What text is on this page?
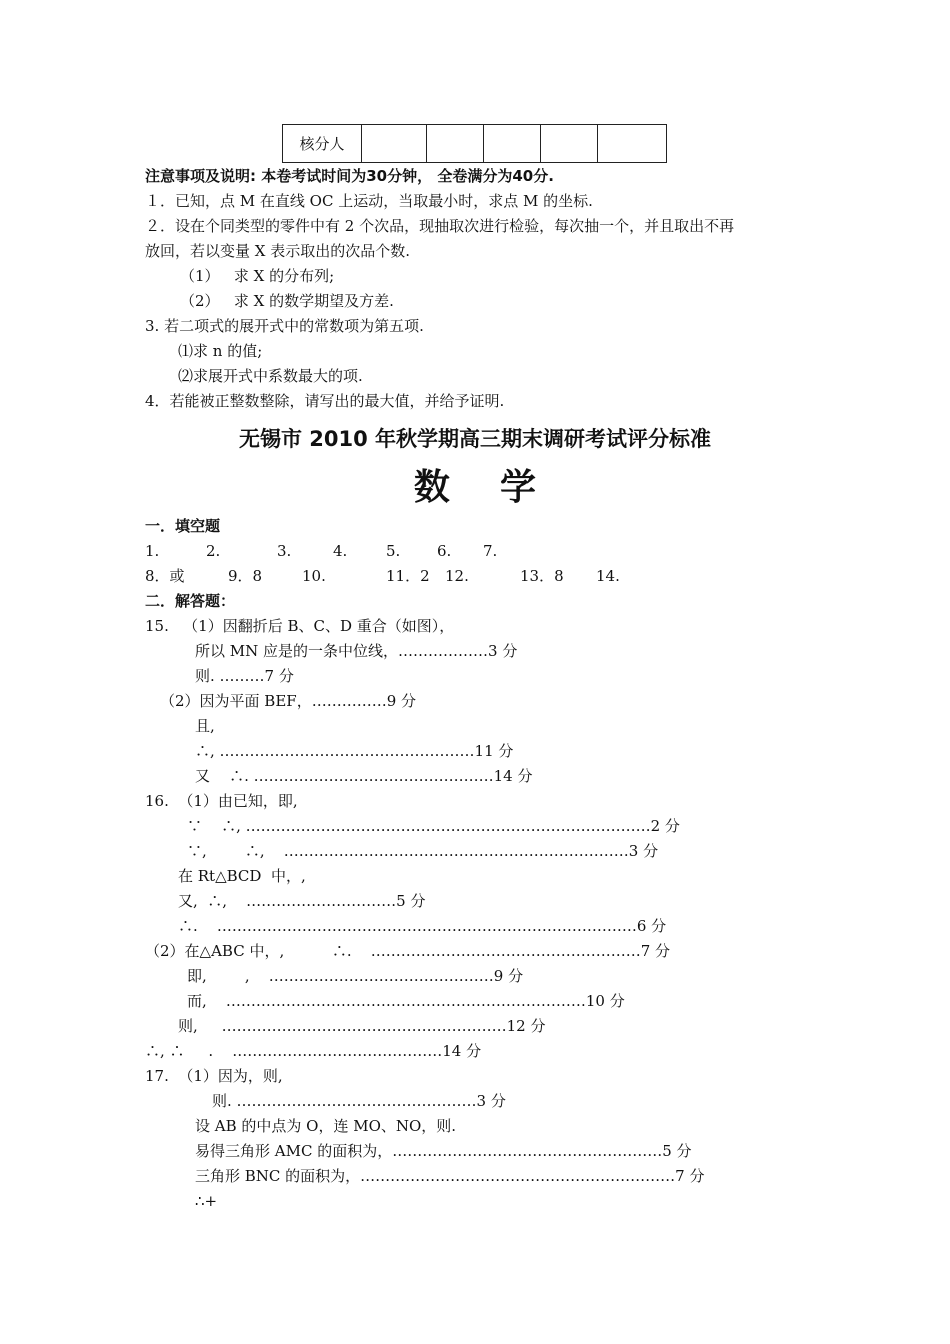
核分人					
注意事项及说明: 本卷考试时间为30分钟， 全卷满分为40分.
１．已知，点 M 在直线 OC 上运动，当取最小时，求点 M 的坐标.
２．设在个同类型的零件中有 2 个次品，现抽取次进行检验，每次抽一个，并且取出不再
放回，若以变量 X 表示取出的次品个数.
（1）   求 X 的分布列;
（2）   求 X 的数学期望及方差.
3. 若二项式的展开式中的常数项为第五项.
⑴求 n 的值;
⑵求展开式中系数最大的项.
4．若能被正整数整除，请写出的最大值，并给予证明.
无锡市 2010 年秋学期高三期末调研考试评分标准
数    学
一．填空题
1.	2.	3.	4.	5. 6. 7.
8．或	9．8	10.	11．2 12.	13．8 14.
二．解答题：
15.   （1）因翻折后 B、C、D 重合（如图），
所以 MN 应是的一条中位线，………………3 分
则. ………7 分
（2）因为平面 BEF，……………9 分
且,
∴, ……………………………………………11 分
又    ∴. …………………………………………14 分
16.  （1）由已知，即,
∵    ∴, ………………………………………………………………………2 分
∵,        ∴,    ……………………………………………………………3 分
在 Rt△BCD  中，,
又,  ∴,    …………………………5 分
∴.    …………………………………………………………………………6 分
（2）在△ABC 中，,          ∴.    ………………………………………………7 分
即,        ,    ………………………………………9 分
而,    ………………………………………………………………10 分
则,     …………………………………………………12 分
∴, ∴     .    ……………………………………14 分
17.  （1）因为，则,
则. …………………………………………3 分
设 AB 的中点为 O，连 MO、NO，则.
易得三角形 AMC 的面积为，………………………………………………5 分
三角形 BNC 的面积为，………………………………………………………7 分
∴+
